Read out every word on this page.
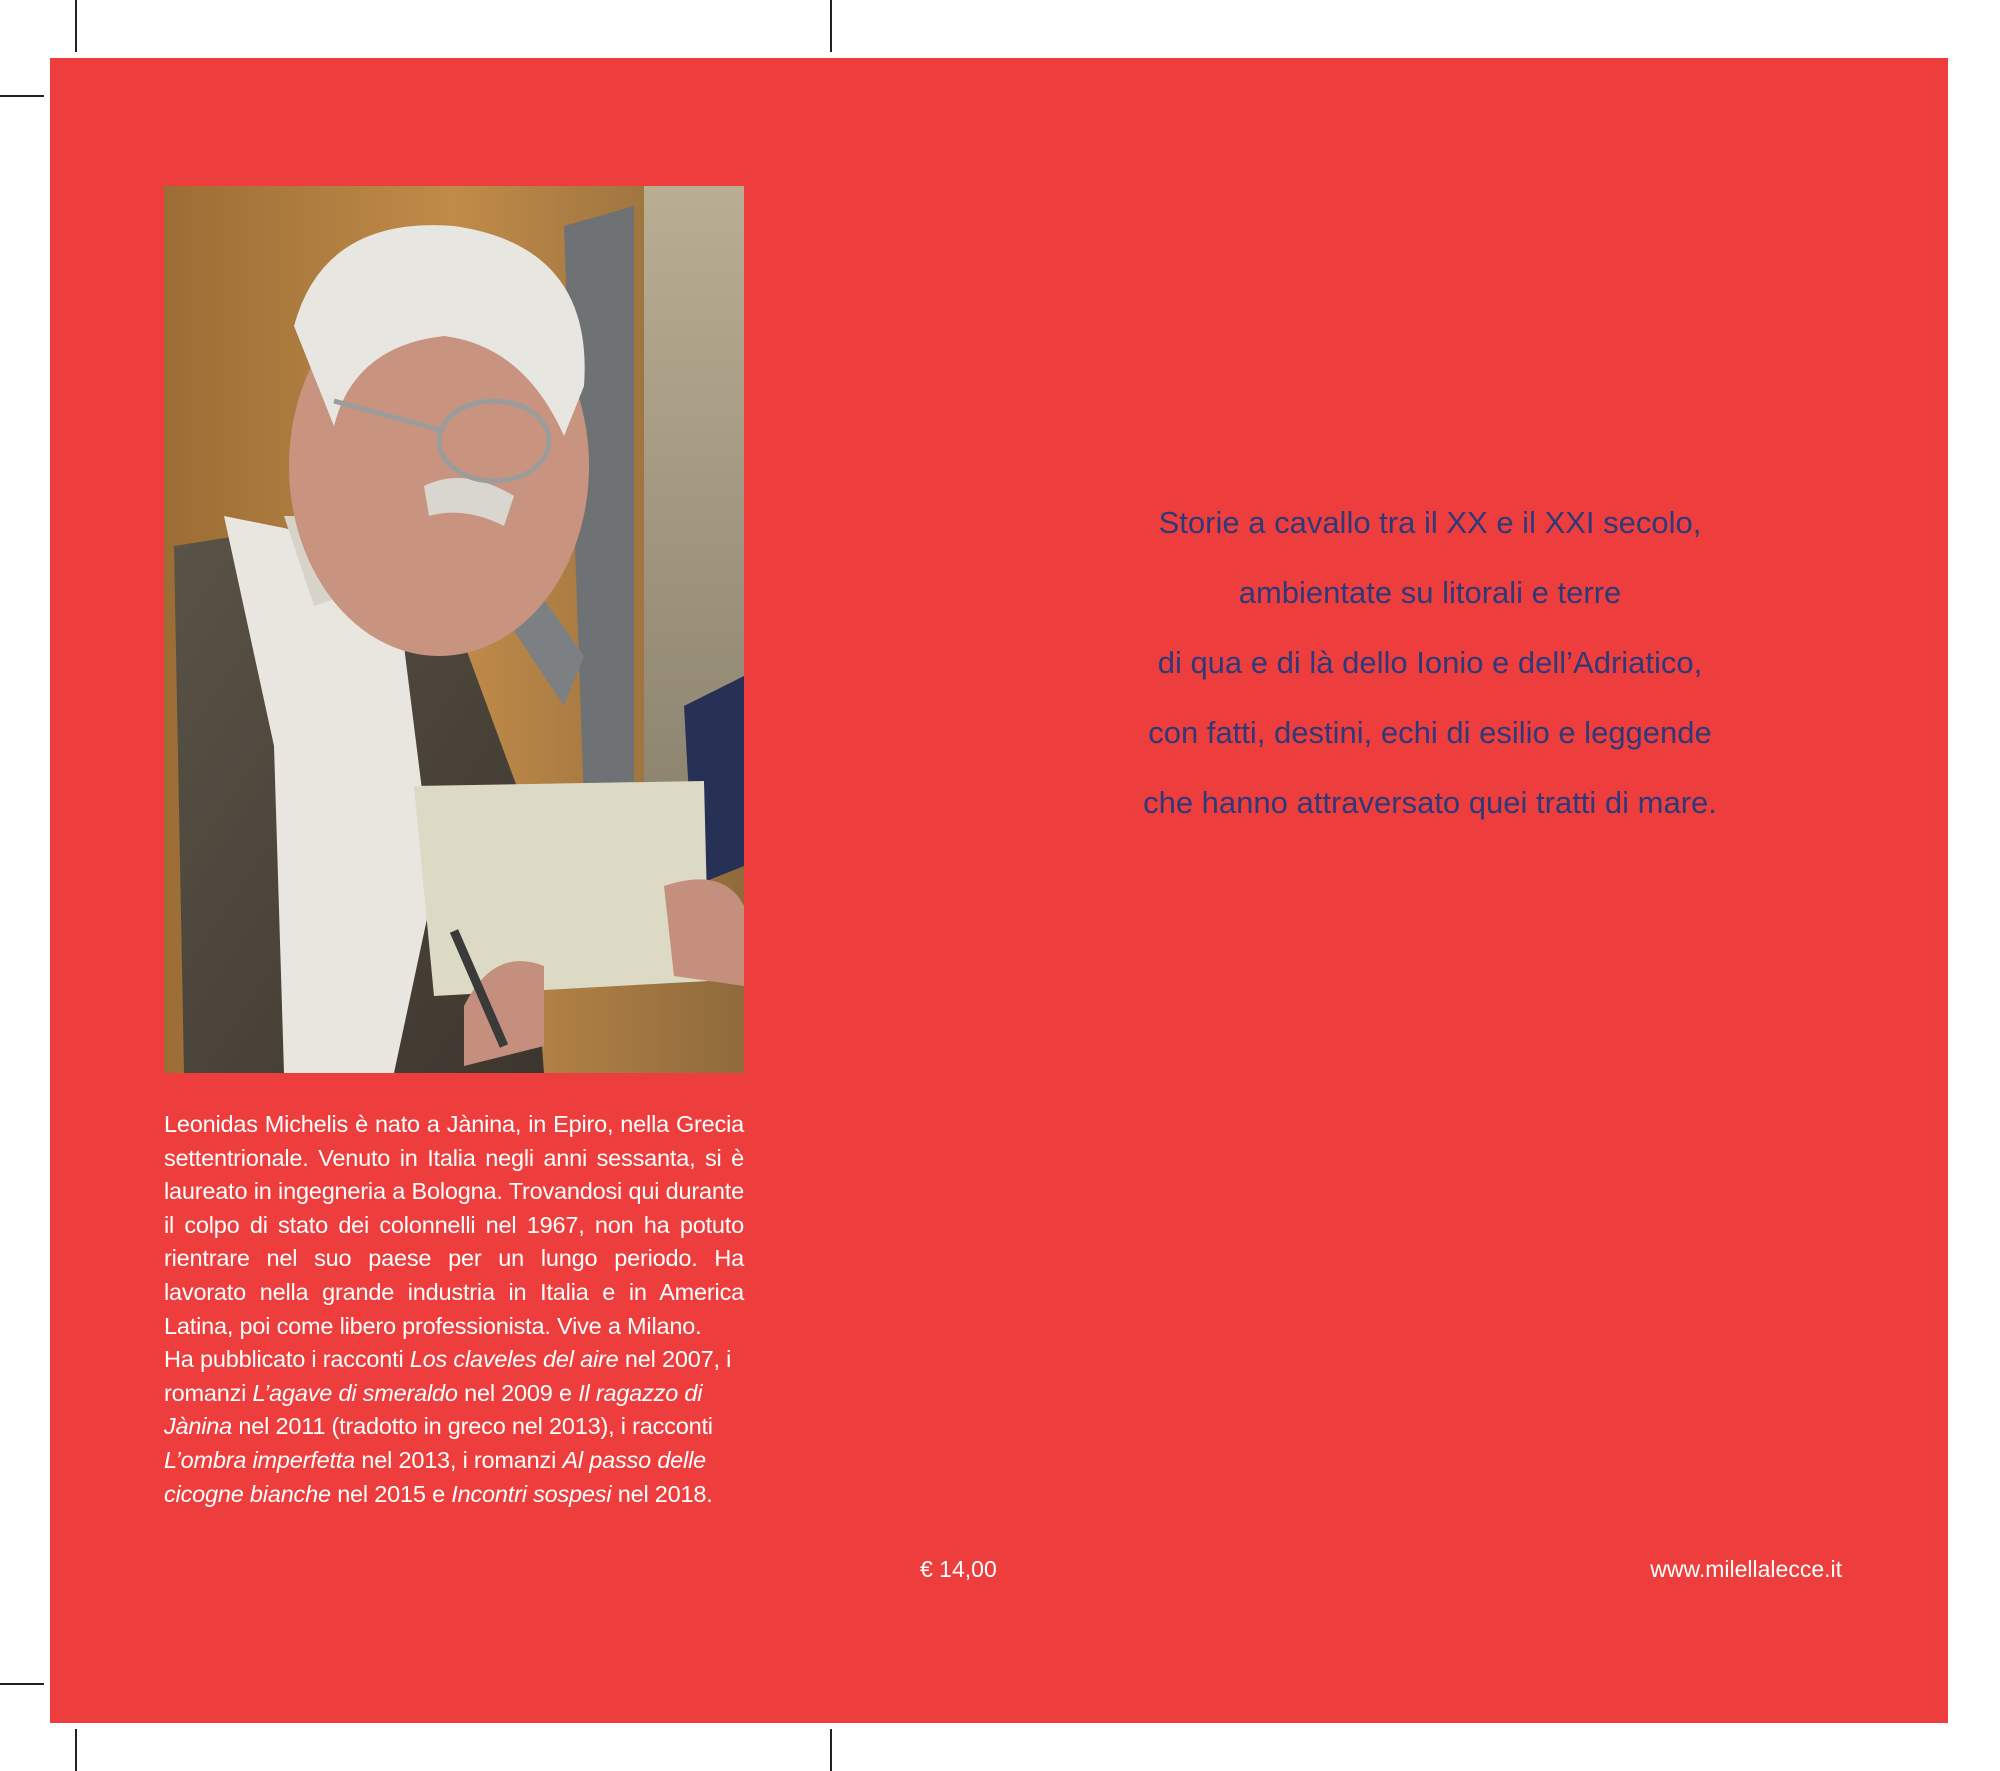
Leonidas Michelis è nato a Jànina, in Epiro, nella Grecia settentrionale. Venuto in Italia negli anni sessanta, si è laureato in ingegneria a Bologna. Trovandosi qui durante il colpo di stato dei colonnelli nel 1967, non ha potuto rientrare nel suo paese per un lungo periodo. Ha lavorato nella grande industria in Italia e in America Latina, poi come libero professionista. Vive a Milano.

Ha pubblicato i racconti Los claveles del aire nel 2007, i romanzi L’agave di smeraldo nel 2009 e Il ragazzo di Jànina nel 2011 (tradotto in greco nel 2013), i racconti L’ombra imperfetta nel 2013, i romanzi Al passo delle cicogne bianche nel 2015 e Incontri sospesi nel 2018.

Storie a cavallo tra il XX e il XXI secolo,
ambientate su litorali e terre
di qua e di là dello Ionio e dell’Adriatico,
con fatti, destini, echi di esilio e leggende
che hanno attraversato quei tratti di mare.
€ 14,00	www.milellalecce.it
